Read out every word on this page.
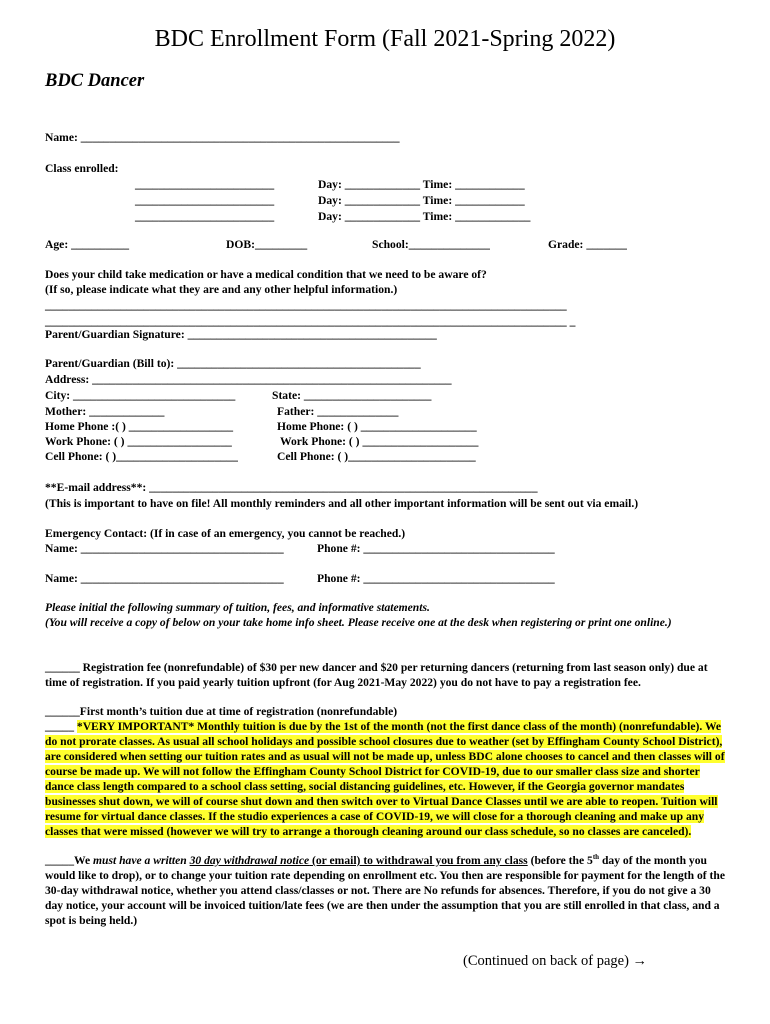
BDC Enrollment Form (Fall 2021-Spring 2022)
BDC Dancer
Name: _______________________________________________________
Class enrolled:
________________________	Day: _____________ Time: ____________
________________________	Day: _____________ Time: ____________
________________________	Day: _____________ Time: _____________
Age: __________	DOB:_________	School:______________	Grade: _______
Does your child take medication or have a medical condition that we need to be aware of?
(If so, please indicate what they are and any other helpful information.)
__________________________________________________________________________________________
__________________________________________________________________________________________ _
Parent/Guardian Signature: ___________________________________________
Parent/Guardian (Bill to): __________________________________________
Address: ______________________________________________________________
City: ____________________________	State: ______________________
Mother: _____________	Father: ______________
Home Phone :( ) __________________	Home Phone: ( ) ____________________
Work Phone: ( ) __________________	Work Phone: ( ) ____________________
Cell Phone: ( )_____________________	Cell Phone: ( )______________________
**E-mail address**: ___________________________________________________________________
(This is important to have on file! All monthly reminders and all other important information will be sent out via email.)
Emergency Contact: (If in case of an emergency, you cannot be reached.)
Name: ___________________________________	Phone #: _________________________________
Name: ___________________________________	Phone #: _________________________________
Please initial the following summary of tuition, fees, and informative statements.
(You will receive a copy of below on your take home info sheet. Please receive one at the desk when registering or print one online.)
______ Registration fee (nonrefundable) of $30 per new dancer and $20 per returning dancers (returning from last season only) due at time of registration. If you paid yearly tuition upfront (for Aug 2021-May 2022) you do not have to pay a registration fee.
______First month’s tuition due at time of registration (nonrefundable)
_____ *VERY IMPORTANT* Monthly tuition is due by the 1st of the month (not the first dance class of the month) (nonrefundable). We do not prorate classes. As usual all school holidays and possible school closures due to weather (set by Effingham County School District), are considered when setting our tuition rates and as usual will not be made up, unless BDC alone chooses to cancel and then classes will of course be made up. We will not follow the Effingham County School District for COVID-19, due to our smaller class size and shorter dance class length compared to a school class setting, social distancing guidelines, etc. However, if the Georgia governor mandates businesses shut down, we will of course shut down and then switch over to Virtual Dance Classes until we are able to reopen. Tuition will resume for virtual dance classes. If the studio experiences a case of COVID-19, we will close for a thorough cleaning and make up any classes that were missed (however we will try to arrange a thorough cleaning around our class schedule, so no classes are canceled).
_____We must have a written 30 day withdrawal notice (or email) to withdrawal you from any class (before the 5th day of the month you would like to drop), or to change your tuition rate depending on enrollment etc. You then are responsible for payment for the length of the 30-day withdrawal notice, whether you attend class/classes or not. There are No refunds for absences. Therefore, if you do not give a 30 day notice, your account will be invoiced tuition/late fees (we are then under the assumption that you are still enrolled in that class, and a spot is being held.)
(Continued on back of page) →
